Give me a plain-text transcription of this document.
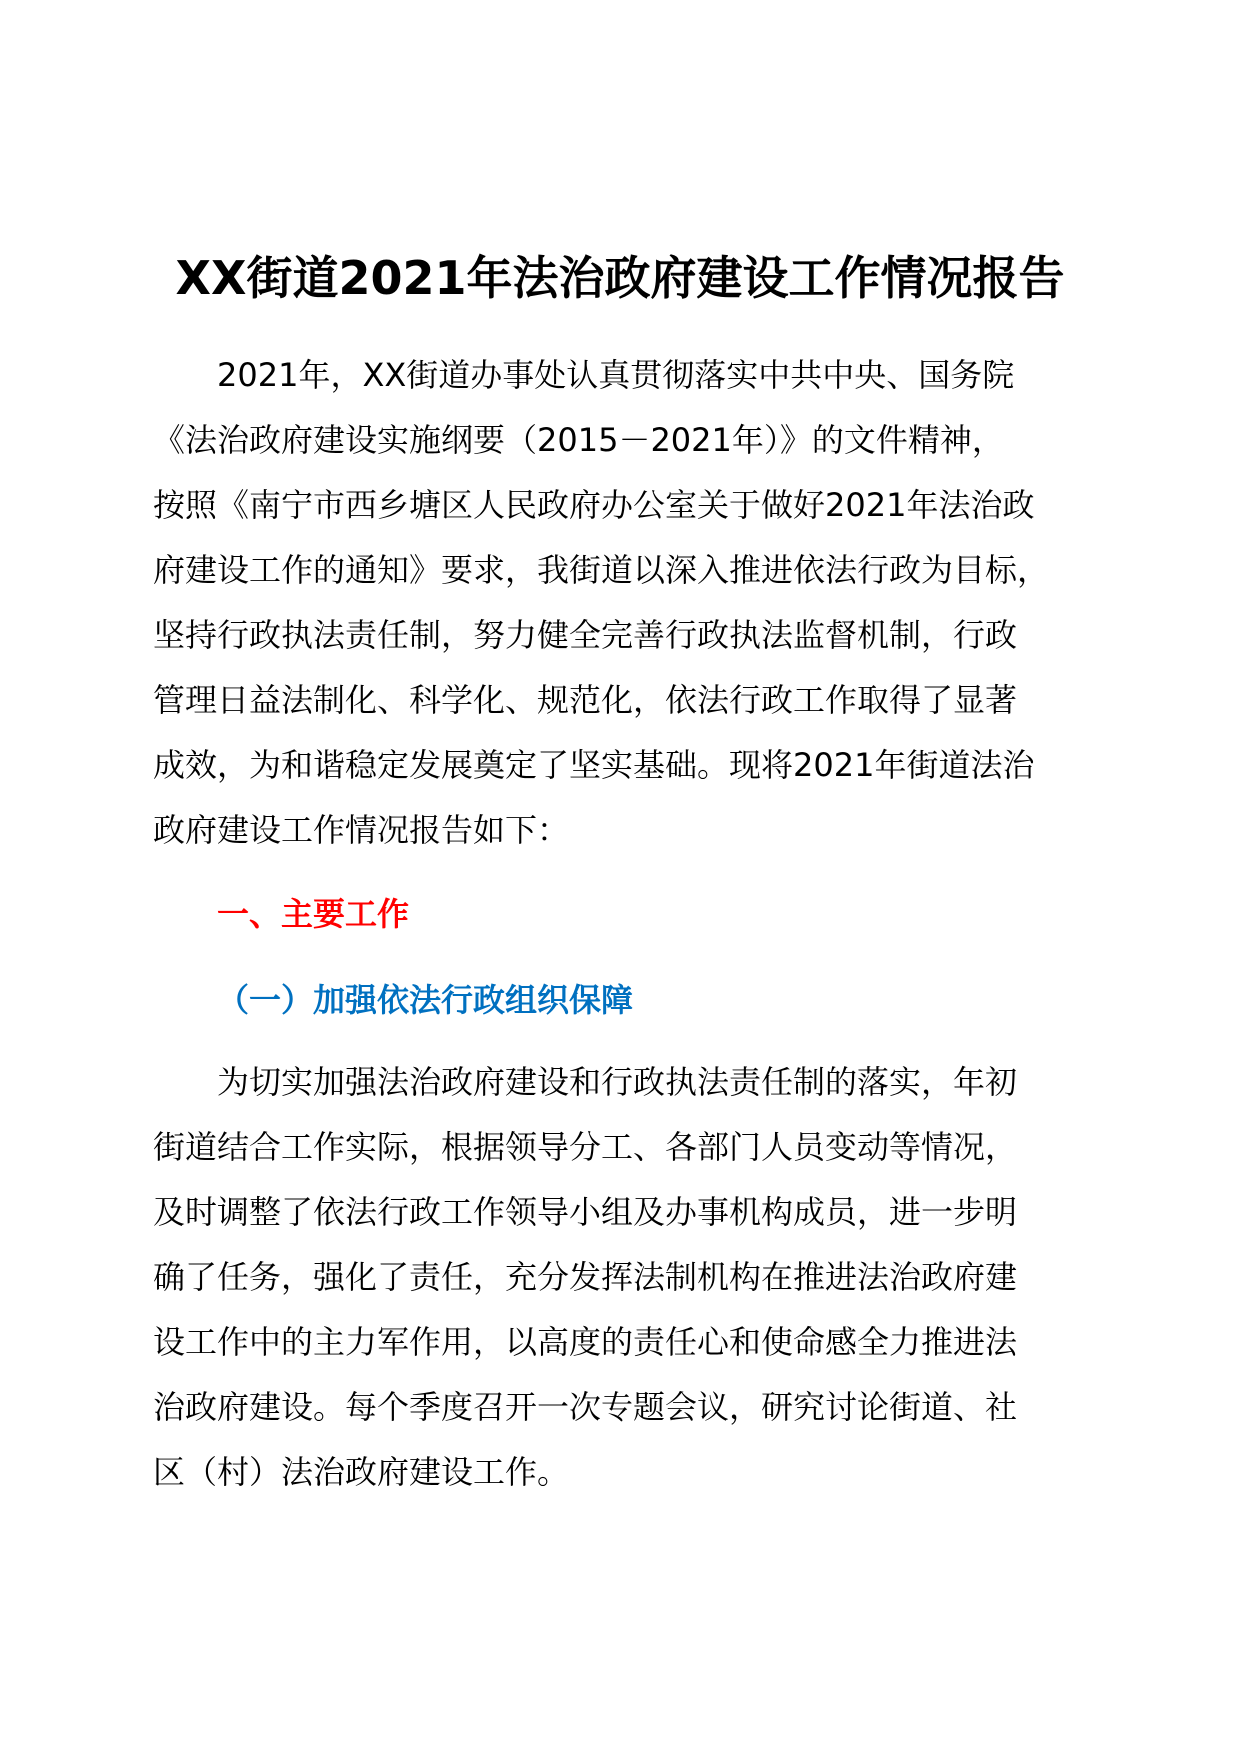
XX街道2021年法治政府建设工作情况报告

2021年，XX街道办事处认真贯彻落实中共中央、国务院
《法治政府建设实施纲要（2015－2021年）》的文件精神，
按照《南宁市西乡塘区人民政府办公室关于做好2021年法治政
府建设工作的通知》要求，我街道以深入推进依法行政为目标，
坚持行政执法责任制，努力健全完善行政执法监督机制，行政
管理日益法制化、科学化、规范化，依法行政工作取得了显著
成效，为和谐稳定发展奠定了坚实基础。现将2021年街道法治
政府建设工作情况报告如下：

一、主要工作
（一）加强依法行政组织保障

为切实加强法治政府建设和行政执法责任制的落实，年初
街道结合工作实际，根据领导分工、各部门人员变动等情况，
及时调整了依法行政工作领导小组及办事机构成员，进一步明
确了任务，强化了责任，充分发挥法制机构在推进法治政府建
设工作中的主力军作用，以高度的责任心和使命感全力推进法
治政府建设。每个季度召开一次专题会议，研究讨论街道、社
区（村）法治政府建设工作。
